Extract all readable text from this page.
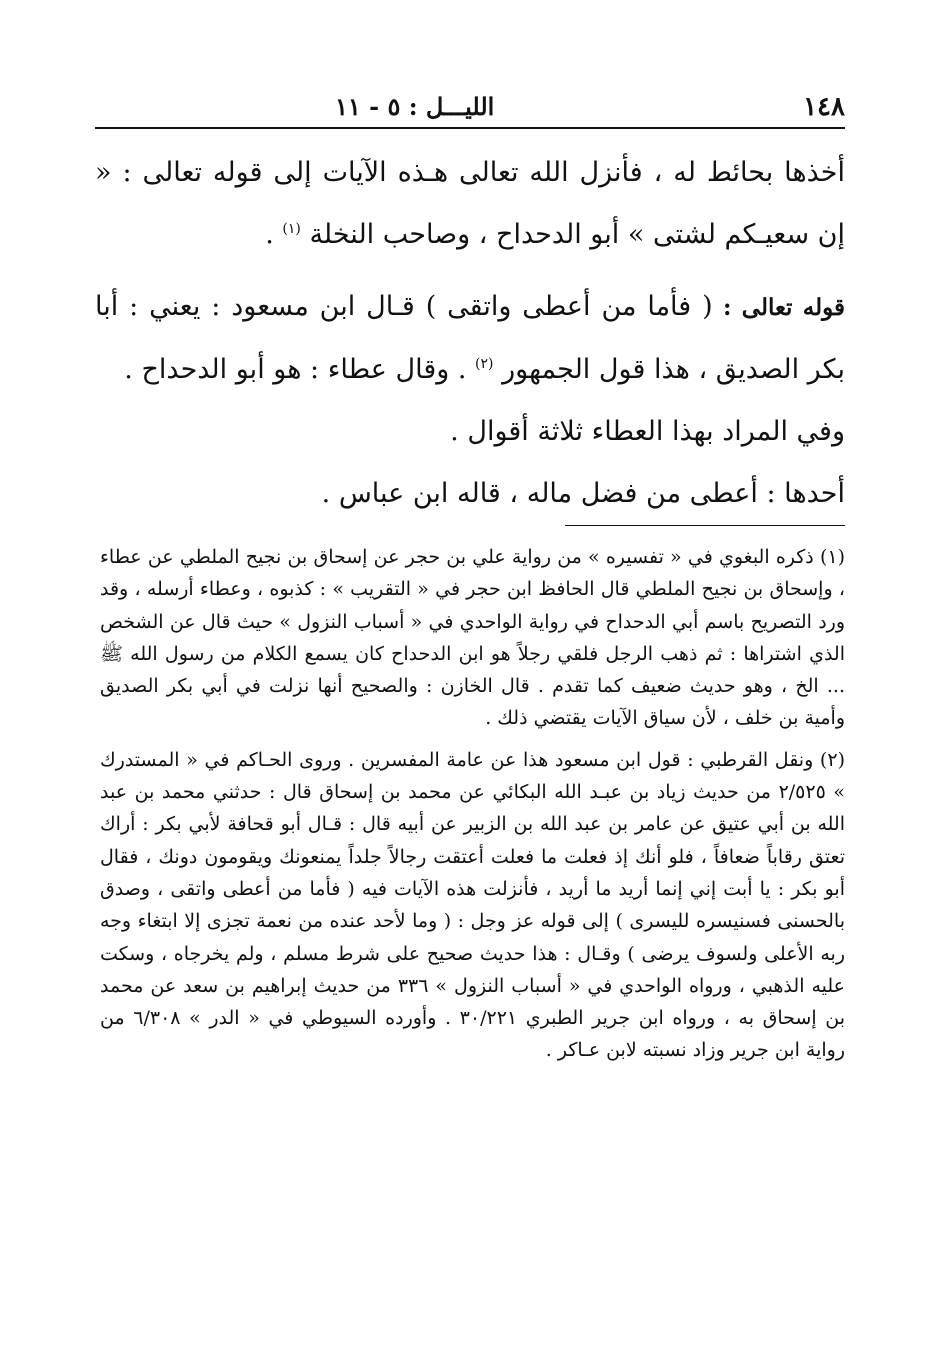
١٤٨
الليـــل : ٥ - ١١

أخذها بحائط له ، فأنزل الله تعالى هـذه الآيات إلى قوله تعالى : « إن سعيـكم لشتى » أبو الدحداح ، وصاحب النخلة $^{(١)}$ .

قوله تعالى : ( فأما من أعطى واتقى ) قـال ابن مسعود : يعني : أبا بكر الصديق ، هذا قول الجمهور $^{(٢)}$ . وقال عطاء : هو أبو الدحداح .

وفي المراد بهذا العطاء ثلاثة أقوال .

أحدها : أعطى من فضل ماله ، قاله ابن عباس .

(١) ذكره البغوي في « تفسيره » من رواية علي بن حجر عن إسحاق بن نجيح الملطي عن عطاء ، وإسحاق بن نجيح الملطي قال الحافظ ابن حجر في « التقريب » : كذبوه ، وعطاء أرسله ، وقد ورد التصريح باسم أبي الدحداح في رواية الواحدي في « أسباب النزول » حيث قال عن الشخص الذي اشتراها : ثم ذهب الرجل فلقي رجلاً هو ابن الدحداح كان يسمع الكلام من رسول الله ﷺ ... الخ ، وهو حديث ضعيف كما تقدم . قال الخازن : والصحيح أنها نزلت في أبي بكر الصديق وأمية بن خلف ، لأن سياق الآيات يقتضي ذلك .

(٢) ونقل القرطبي : قول ابن مسعود هذا عن عامة المفسرين . وروى الحـاكم في « المستدرك » ٢/٥٢٥ من حديث زياد بن عبـد الله البكائي عن محمد بن إسحاق قال : حدثني محمد بن عبد الله بن أبي عتيق عن عامر بن عبد الله بن الزبير عن أبيه قال : قـال أبو قحافة لأبي بكر : أراك تعتق رقاباً ضعافاً ، فلو أنك إذ فعلت ما فعلت أعتقت رجالاً جلداً يمنعونك ويقومون دونك ، فقال أبو بكر : يا أبت إني إنما أريد ما أريد ، فأنزلت هذه الآيات فيه ( فأما من أعطى واتقى ، وصدق بالحسنى فسنيسره لليسرى ) إلى قوله عز وجل : ( وما لأحد عنده من نعمة تجزى إلا ابتغاء وجه ربه الأعلى ولسوف يرضى ) وقـال : هذا حديث صحيح على شرط مسلم ، ولم يخرجاه ، وسكت عليه الذهبي ، ورواه الواحدي في « أسباب النزول » ٣٣٦ من حديث إبراهيم بن سعد عن محمد بن إسحاق به ، ورواه ابن جرير الطبري ٣٠/٢٢١ . وأورده السيوطي في « الدر » ٦/٣٠٨ من رواية ابن جرير وزاد نسبته لابن عـاكر .
